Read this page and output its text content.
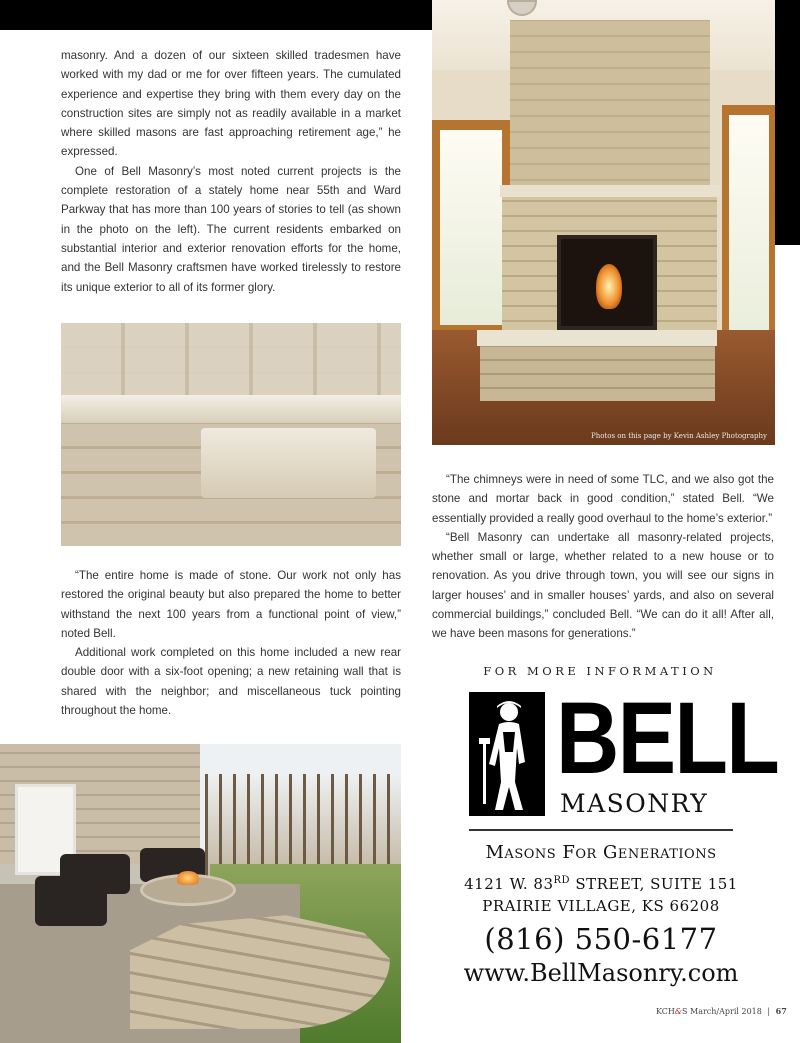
masonry. And a dozen of our sixteen skilled tradesmen have worked with my dad or me for over fifteen years. The cumulated experience and expertise they bring with them every day on the construction sites are simply not as readily available in a market where skilled masons are fast approaching retirement age,” he expressed.

One of Bell Masonry’s most noted current projects is the complete restoration of a stately home near 55th and Ward Parkway that has more than 100 years of stories to tell (as shown in the photo on the left). The current residents embarked on substantial interior and exterior renovation efforts for the home, and the Bell Masonry craftsmen have worked tirelessly to restore its unique exterior to all of its former glory.

“The entire home is made of stone. Our work not only has restored the original beauty but also prepared the home to better withstand the next 100 years from a functional point of view,” noted Bell.

Additional work completed on this home included a new rear double door with a six-foot opening; a new retaining wall that is shared with the neighbor; and miscellaneous tuck pointing throughout the home.

Photos on this page by Kevin Ashley Photography

“The chimneys were in need of some TLC, and we also got the stone and mortar back in good condition,” stated Bell. “We essentially provided a really good overhaul to the home’s exterior.”

“Bell Masonry can undertake all masonry-related projects, whether small or large, whether related to a new house or to renovation. As you drive through town, you will see our signs in larger houses’ and in smaller houses’ yards, and also on several commercial buildings,” concluded Bell. “We can do it all! After all, we have been masons for generations.”

FOR MORE INFORMATION
BELL
MASONRY
Masons For Generations
4121 W. 83RD STREET, SUITE 151
PRAIRIE VILLAGE, KS 66208
(816) 550-6177
www.BellMasonry.com
KCH&S March/April 2018 | 67
